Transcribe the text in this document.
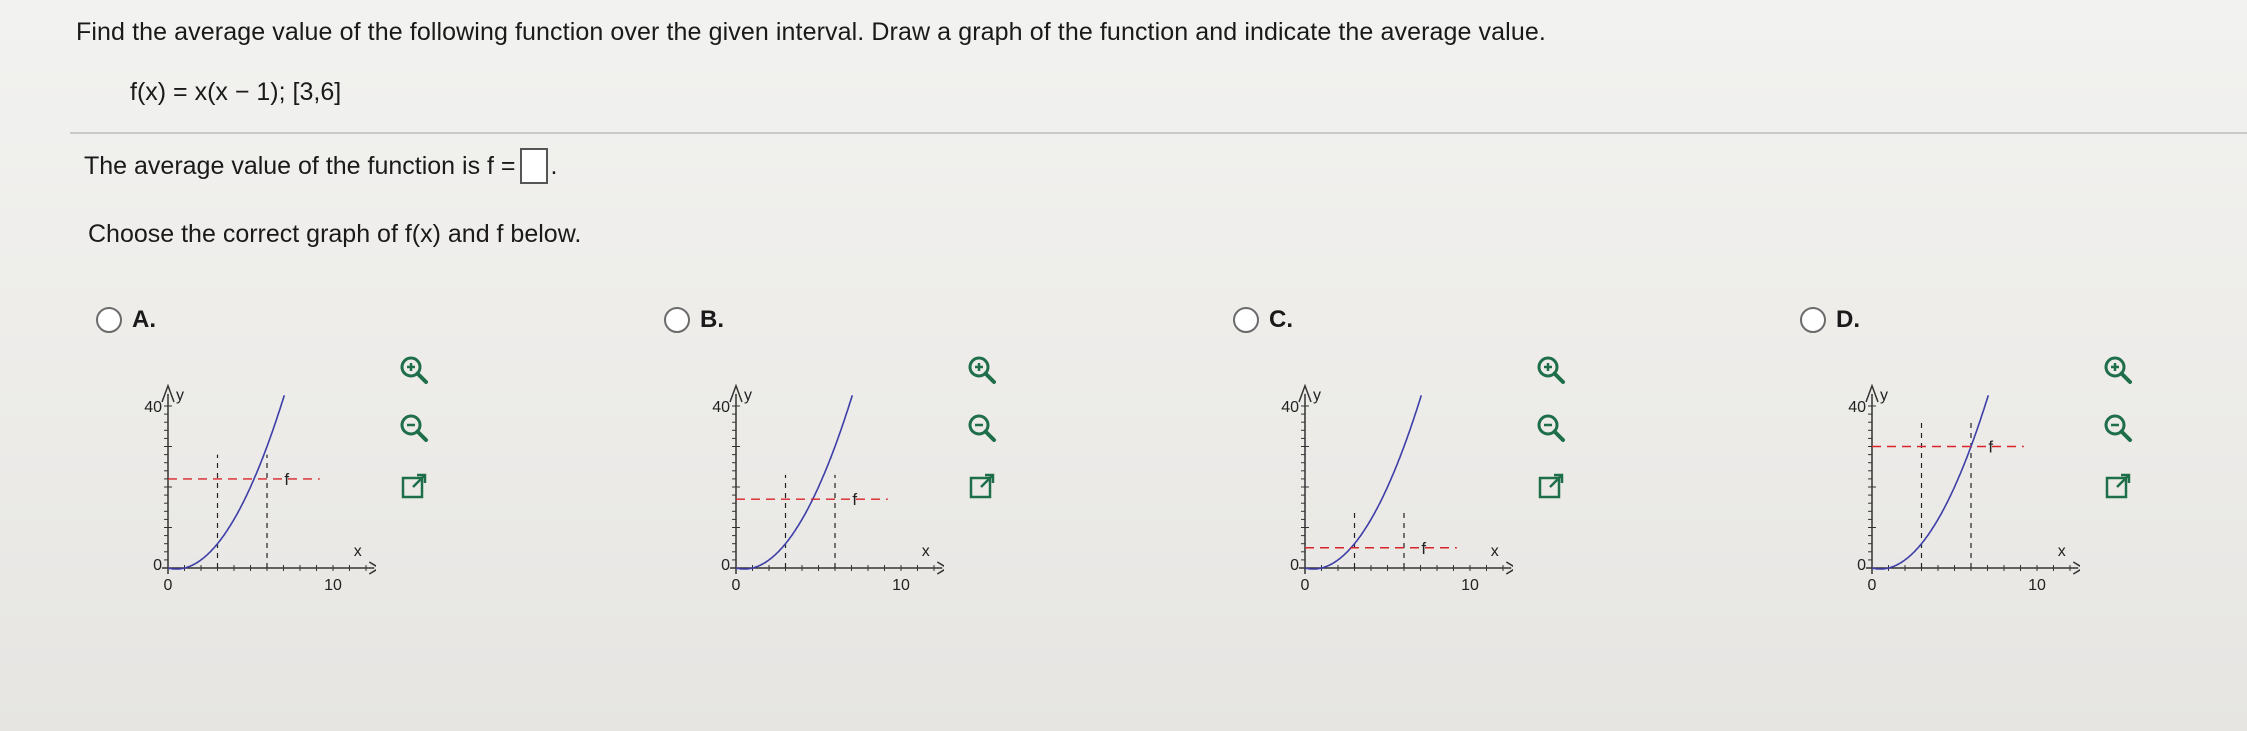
Find the average value of the following function over the given interval. Draw a graph of the function and indicate the average value.
f(x) = x(x − 1); [3,6]
The average value of the function is f = .
Choose the correct graph of f(x) and f below.
A.
y
x
40
0
0	10
f
B.
y
x
40
0
0	10
f
C.
y
x
40
0
0	10
f
D.
y
x
40
0
0	10
f
